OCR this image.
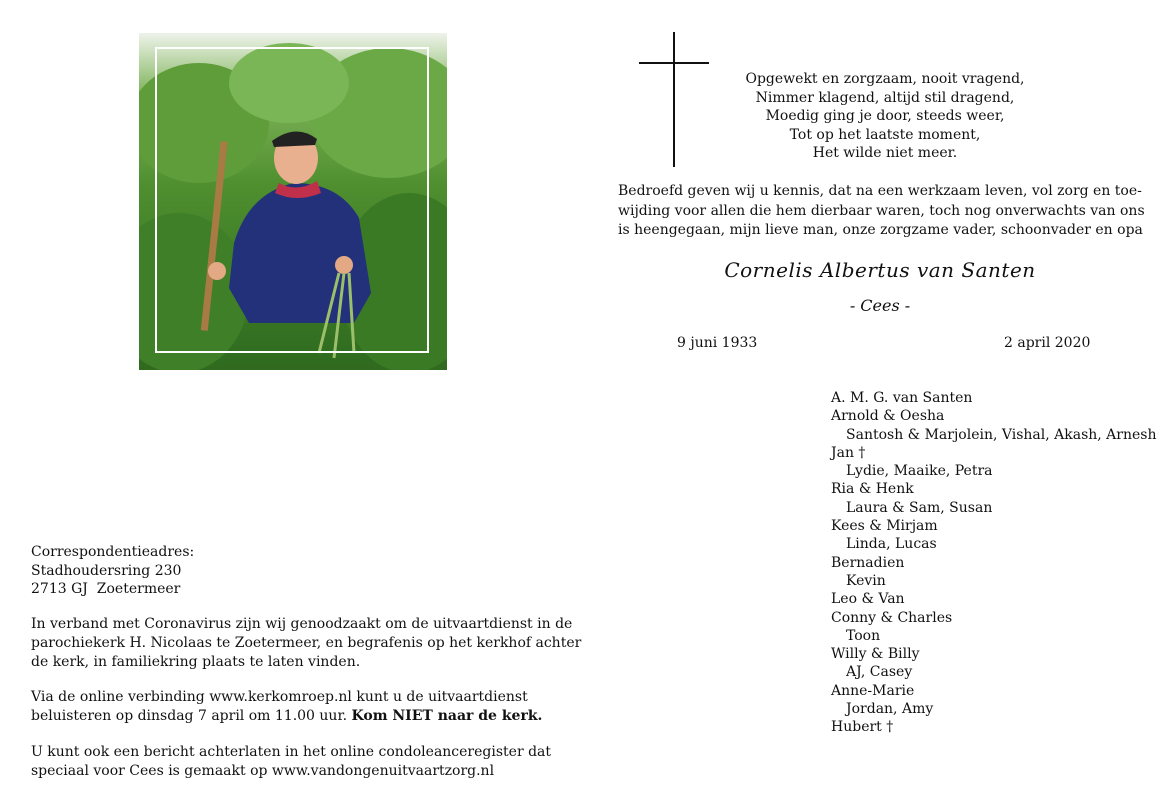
Opgewekt en zorgzaam, nooit vragend,
Nimmer klagend, altijd stil dragend,
Moedig ging je door, steeds weer,
Tot op het laatste moment,
Het wilde niet meer.
Bedroefd geven wij u kennis, dat na een werkzaam leven, vol zorg en toe-
wijding voor allen die hem dierbaar waren, toch nog onverwachts van ons
is heengegaan, mijn lieve man, onze zorgzame vader, schoonvader en opa
Cornelis Albertus van Santen
- Cees -
9 juni 1933	2 april 2020
A. M. G. van Santen
Arnold & Oesha
Santosh & Marjolein, Vishal, Akash, Arnesh
Jan †
Lydie, Maaike, Petra
Ria & Henk
Laura & Sam, Susan
Kees & Mirjam
Linda, Lucas
Bernadien
Kevin
Leo & Van
Conny & Charles
Toon
Willy & Billy
AJ, Casey
Anne-Marie
Jordan, Amy
Hubert †
Correspondentieadres:
Stadhoudersring 230
2713 GJ  Zoetermeer
In verband met Coronavirus zijn wij genoodzaakt om de uitvaartdienst in de
parochiekerk H. Nicolaas te Zoetermeer, en begrafenis op het kerkhof achter
de kerk, in familiekring plaats te laten vinden.
Via de online verbinding www.kerkomroep.nl kunt u de uitvaartdienst
beluisteren op dinsdag 7 april om 11.00 uur. Kom NIET naar de kerk.
U kunt ook een bericht achterlaten in het online condoleanceregister dat
speciaal voor Cees is gemaakt op www.vandongenuitvaartzorg.nl
